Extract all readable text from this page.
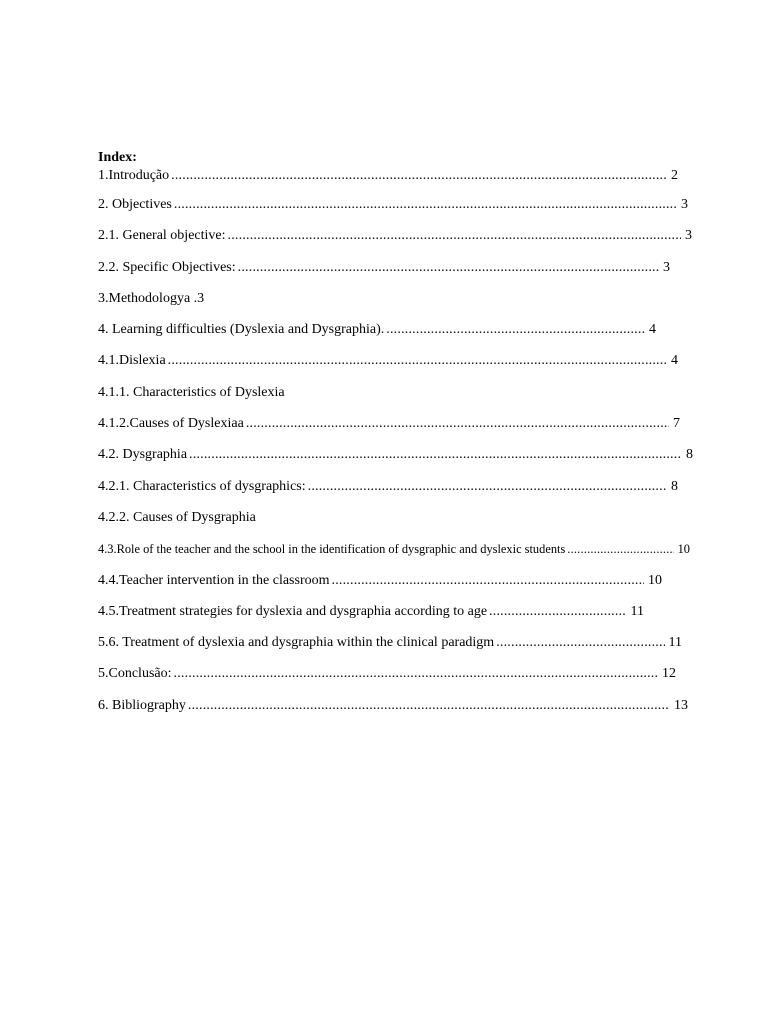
Index:
1.Introdução .....	2
2. Objectives .....	3
2.1. General objective: .....	3
2.2. Specific Objectives: .....	3
3.Methodologya .3
4. Learning difficulties (Dyslexia and Dysgraphia). .....	4
4.1.Dislexia .....	4
4.1.1. Characteristics of Dyslexia
4.1.2.Causes of Dyslexiaa .....	7
4.2. Dysgraphia .....	8
4.2.1. Characteristics of dysgraphics: .....	8
4.2.2. Causes of Dysgraphia
4.3.Role of the teacher and the school in the identification of dysgraphic and dyslexic students .....	10
4.4.Teacher intervention in the classroom .....	10
4.5.Treatment strategies for dyslexia and dysgraphia according to age .....	11
5.6. Treatment of dyslexia and dysgraphia within the clinical paradigm .....	11
5.Conclusão: .....	12
6. Bibliography .....	13
